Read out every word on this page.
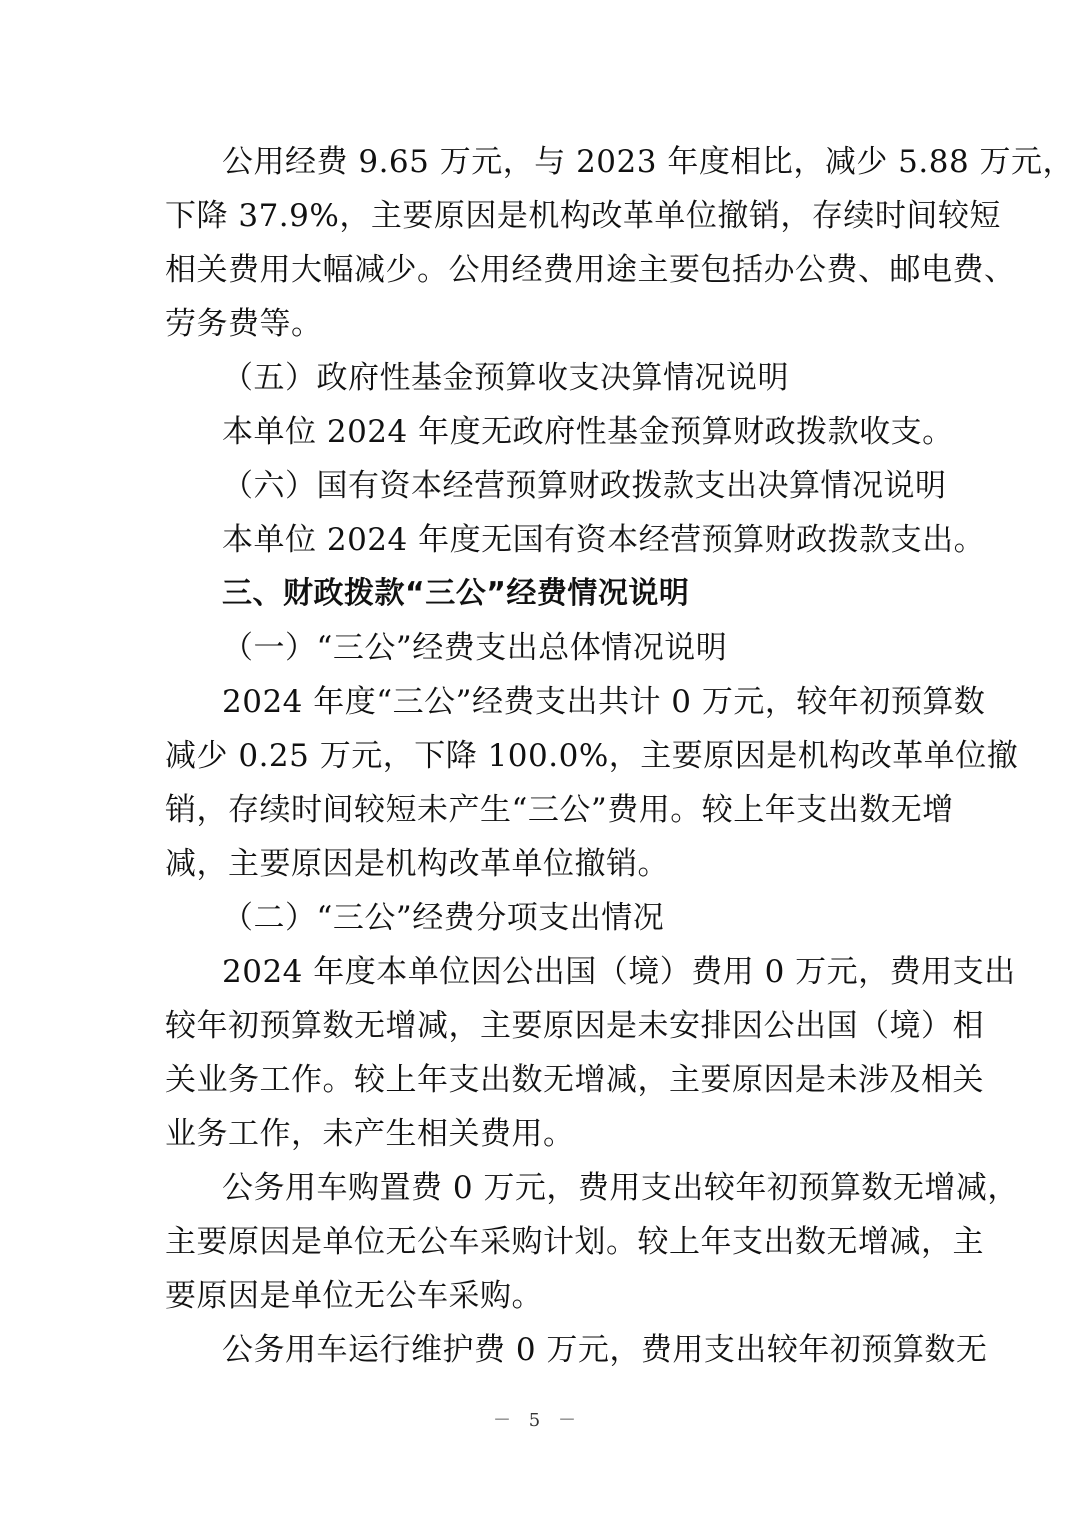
公用经费 9.65 万元，与 2023 年度相比，减少 5.88 万元，
下降 37.9%，主要原因是机构改革单位撤销，存续时间较短
相关费用大幅减少。公用经费用途主要包括办公费、邮电费、
劳务费等。
（五）政府性基金预算收支决算情况说明
本单位 2024 年度无政府性基金预算财政拨款收支。
（六）国有资本经营预算财政拨款支出决算情况说明
本单位 2024 年度无国有资本经营预算财政拨款支出。
三、财政拨款“三公”经费情况说明
（一）“三公”经费支出总体情况说明
2024 年度“三公”经费支出共计 0 万元，较年初预算数
减少 0.25 万元，下降 100.0%，主要原因是机构改革单位撤
销，存续时间较短未产生“三公”费用。较上年支出数无增
减，主要原因是机构改革单位撤销。
（二）“三公”经费分项支出情况
2024 年度本单位因公出国（境）费用 0 万元，费用支出
较年初预算数无增减，主要原因是未安排因公出国（境）相
关业务工作。较上年支出数无增减，主要原因是未涉及相关
业务工作，未产生相关费用。
公务用车购置费 0 万元，费用支出较年初预算数无增减，
主要原因是单位无公车采购计划。较上年支出数无增减，主
要原因是单位无公车采购。
公务用车运行维护费 0 万元，费用支出较年初预算数无
－ 5 －
